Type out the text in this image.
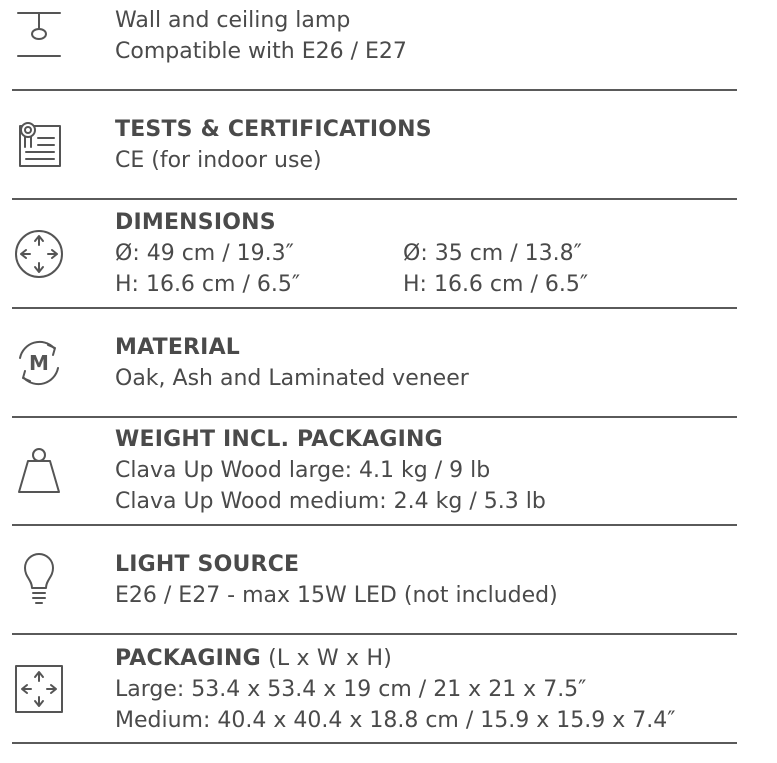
Wall and ceiling lamp
Compatible with E26 / E27
TESTS & CERTIFICATIONS
CE (for indoor use)
DIMENSIONS
Ø: 49 cm / 19.3″	Ø: 35 cm / 13.8″
H: 16.6 cm / 6.5″	H: 16.6 cm / 6.5″
M
MATERIAL
Oak, Ash and Laminated veneer
WEIGHT INCL. PACKAGING
Clava Up Wood large: 4.1 kg / 9 lb
Clava Up Wood medium: 2.4 kg / 5.3 lb
LIGHT SOURCE
E26 / E27 - max 15W LED (not included)
PACKAGING (L x W x H)
Large: 53.4 x 53.4 x 19 cm / 21 x 21 x 7.5″
Medium: 40.4 x 40.4 x 18.8 cm / 15.9 x 15.9 x 7.4″
